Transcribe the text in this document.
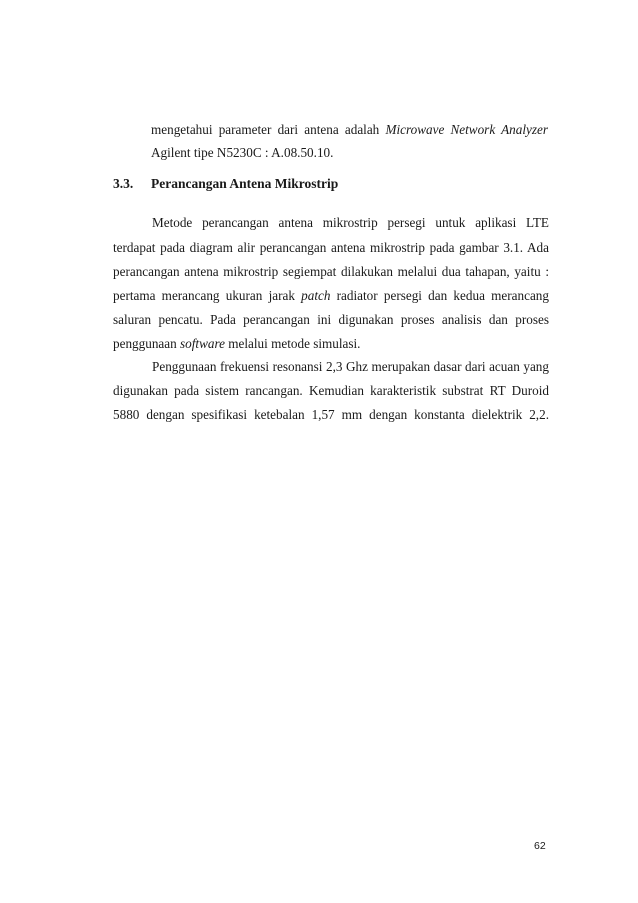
mengetahui parameter dari antena adalah Microwave Network Analyzer
Agilent tipe N5230C : A.08.50.10.
3.3. Perancangan Antena Mikrostrip
Metode perancangan antena mikrostrip persegi untuk aplikasi LTE
terdapat pada diagram alir perancangan antena mikrostrip pada gambar 3.1. Ada
perancangan antena mikrostrip segiempat dilakukan melalui dua tahapan, yaitu :
pertama merancang ukuran jarak patch radiator persegi dan kedua merancang
saluran pencatu. Pada perancangan ini digunakan proses analisis dan proses
penggunaan software melalui metode simulasi.
Penggunaan frekuensi resonansi 2,3 Ghz merupakan dasar dari acuan yang
digunakan pada sistem rancangan. Kemudian karakteristik substrat RT Duroid
5880 dengan spesifikasi ketebalan 1,57 mm dengan konstanta dielektrik 2,2.
62
